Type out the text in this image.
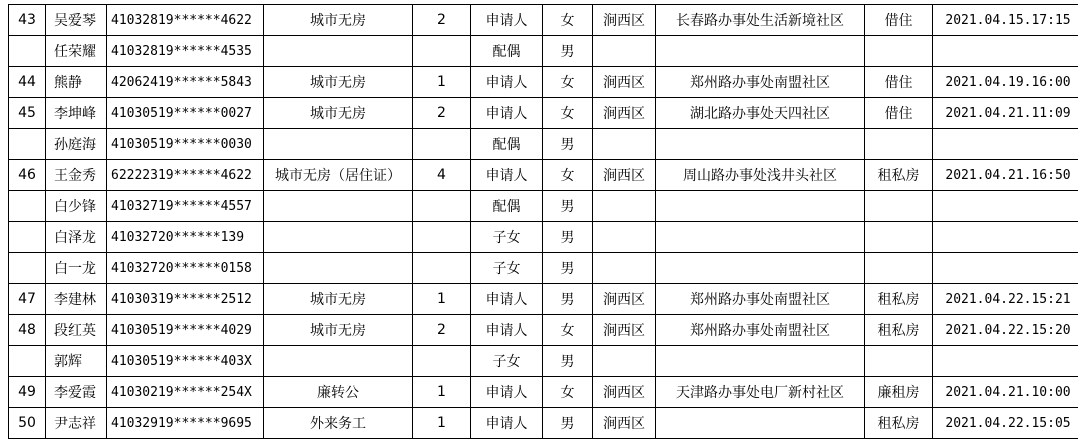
43	吴爱琴	41032819******4622	城市无房	2	申请人	女	涧西区	长春路办事处生活新境社区	借住	2021.04.15.17:15
	任荣耀	41032819******4535			配偶	男				
44	熊静	42062419******5843	城市无房	1	申请人	女	涧西区	郑州路办事处南盟社区	借住	2021.04.19.16:00
45	李坤峰	41030519******0027	城市无房	2	申请人	女	涧西区	湖北路办事处天四社区	借住	2021.04.21.11:09
	孙庭海	41030519******0030			配偶	男				
46	王金秀	62222319******4622	城市无房（居住证）	4	申请人	女	涧西区	周山路办事处浅井头社区	租私房	2021.04.21.16:50
	白少锋	41032719******4557			配偶	男				
	白泽龙	41032720******139			子女	男				
	白一龙	41032720******0158			子女	男				
47	李建林	41030319******2512	城市无房	1	申请人	男	涧西区	郑州路办事处南盟社区	租私房	2021.04.22.15:21
48	段红英	41030519******4029	城市无房	2	申请人	女	涧西区	郑州路办事处南盟社区	租私房	2021.04.22.15:20
	郭辉	41030519******403X			子女	男				
49	李爱霞	41030219******254X	廉转公	1	申请人	女	涧西区	天津路办事处电厂新村社区	廉租房	2021.04.21.10:00
50	尹志祥	41032919******9695	外来务工	1	申请人	男	涧西区		租私房	2021.04.22.15:05
